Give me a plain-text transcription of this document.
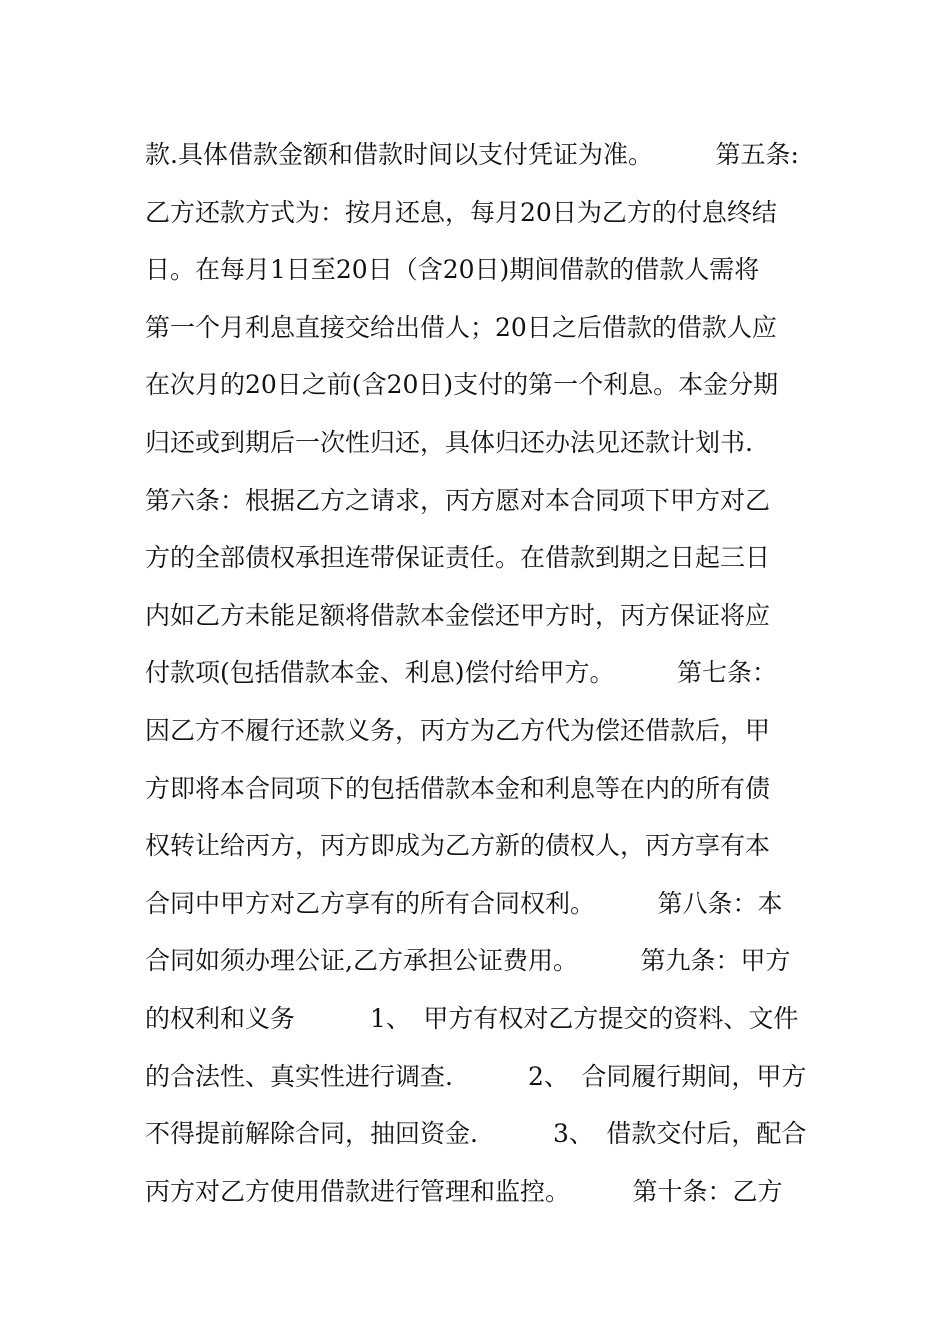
款.具体借款金额和借款时间以支付凭证为准。　　　第五条:
乙方还款方式为：按月还息，每月20日为乙方的付息终结
日。在每月1日至20日（含20日)期间借款的借款人需将
第一个月利息直接交给出借人；20日之后借款的借款人应
在次月的20日之前(含20日)支付的第一个利息。本金分期
归还或到期后一次性归还，具体归还办法见还款计划书.
第六条：根据乙方之请求，丙方愿对本合同项下甲方对乙
方的全部债权承担连带保证责任。在借款到期之日起三日
内如乙方未能足额将借款本金偿还甲方时，丙方保证将应
付款项(包括借款本金、利息)偿付给甲方。　　　第七条：
因乙方不履行还款义务，丙方为乙方代为偿还借款后，甲
方即将本合同项下的包括借款本金和利息等在内的所有债
权转让给丙方，丙方即成为乙方新的债权人，丙方享有本
合同中甲方对乙方享有的所有合同权利。　　　第八条：本
合同如须办理公证,乙方承担公证费用。　　　第九条：甲方
的权利和义务　　　1、　甲方有权对乙方提交的资料、文件
的合法性、真实性进行调查.　　　2、　合同履行期间，甲方
不得提前解除合同，抽回资金.　　　3、　借款交付后，配合
丙方对乙方使用借款进行管理和监控。　　　第十条：乙方
